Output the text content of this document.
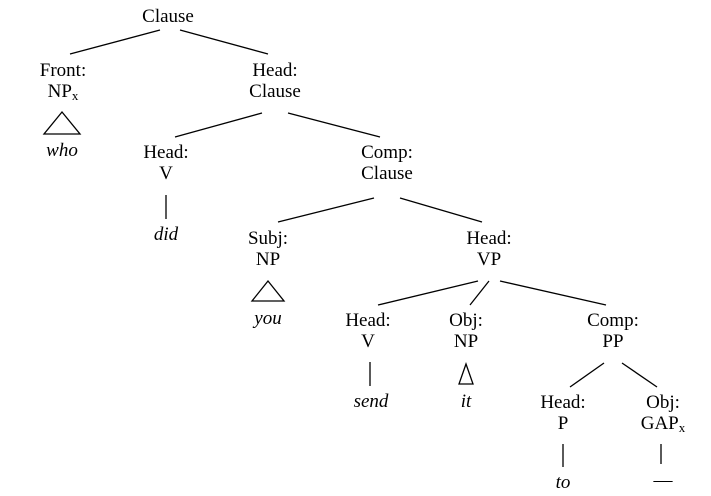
Clause
Front:
$NP_x$
Head:
Clause
Head:
V
Comp:
Clause
Subj:
NP
Head:
VP
Head:
V
Obj:
NP
Comp:
PP
Head:
P
Obj:
$GAP_x$
who
did
you
send	it
to	—
